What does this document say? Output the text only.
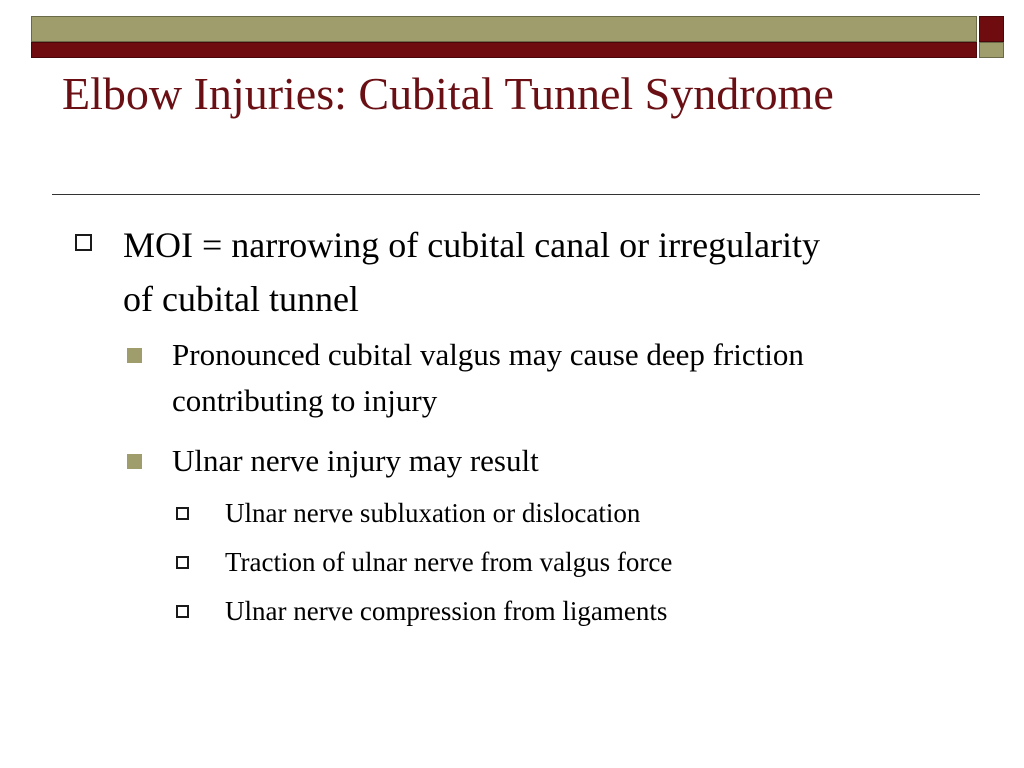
Elbow Injuries: Cubital Tunnel Syndrome

MOI = narrowing of cubital canal or irregularity of cubital tunnel

Pronounced cubital valgus may cause deep friction contributing to injury

Ulnar nerve injury may result

Ulnar nerve subluxation or dislocation

Traction of ulnar nerve from valgus force

Ulnar nerve compression from ligaments
